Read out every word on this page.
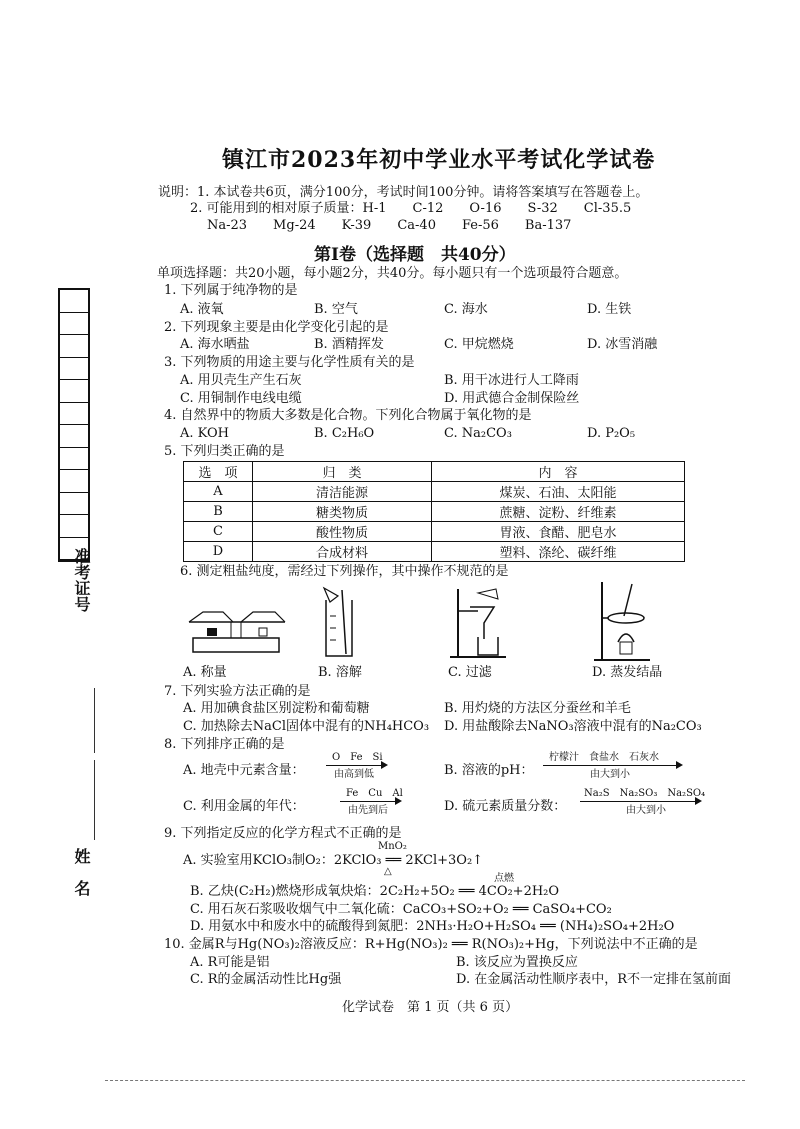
准考证号
姓　名
镇江市2023年初中学业水平考试化学试卷
说明：1. 本试卷共6页，满分100分，考试时间100分钟。请将答案填写在答题卷上。
2. 可能用到的相对原子质量：H-1　　C-12　　O-16　　S-32　　Cl-35.5
Na-23　　Mg-24　　K-39　　Ca-40　　Fe-56　　Ba-137
第Ⅰ卷（选择题　共40分）
单项选择题：共20小题，每小题2分，共40分。每小题只有一个选项最符合题意。
1. 下列属于纯净物的是
A. 液氧	B. 空气	C. 海水	D. 生铁
2. 下列现象主要是由化学变化引起的是
A. 海水晒盐	B. 酒精挥发	C. 甲烷燃烧	D. 冰雪消融
3. 下列物质的用途主要与化学性质有关的是
A. 用贝壳生产生石灰	B. 用干冰进行人工降雨
C. 用铜制作电线电缆	D. 用武德合金制保险丝
4. 自然界中的物质大多数是化合物。下列化合物属于氧化物的是
A. KOH	B. C₂H₆O	C. Na₂CO₃	D. P₂O₅
5. 下列归类正确的是
选　项	归　类	内　容
A	清洁能源	煤炭、石油、太阳能
B	糖类物质	蔗糖、淀粉、纤维素
C	酸性物质	胃液、食醋、肥皂水
D	合成材料	塑料、涤纶、碳纤维
6. 测定粗盐纯度，需经过下列操作，其中操作不规范的是
A. 称量	B. 溶解	C. 过滤	D. 蒸发结晶
7. 下列实验方法正确的是
A. 用加碘食盐区别淀粉和葡萄糖	B. 用灼烧的方法区分蚕丝和羊毛
C. 加热除去NaCl固体中混有的NH₄HCO₃ D. 用盐酸除去NaNO₃溶液中混有的Na₂CO₃
8. 下列排序正确的是
A. 地壳中元素含量：
O　Fe　Si
由高到低	B. 溶液的pH：
柠檬汁　食盐水　石灰水
由大到小
C. 利用金属的年代：
Fe　Cu　Al
由先到后	D. 硫元素质量分数：
Na₂S　Na₂SO₃　Na₂SO₄
由大到小
9. 下列指定反应的化学方程式不正确的是
MnO₂
A. 实验室用KClO₃制O₂：2KClO₃ ══ 2KCl+3O₂↑
△
点燃
B. 乙炔(C₂H₂)燃烧形成氧炔焰：2C₂H₂+5O₂ ══ 4CO₂+2H₂O
C. 用石灰石浆吸收烟气中二氧化硫：CaCO₃+SO₂+O₂ ══ CaSO₄+CO₂
D. 用氨水中和废水中的硫酸得到氮肥：2NH₃·H₂O+H₂SO₄ ══ (NH₄)₂SO₄+2H₂O
10. 金属R与Hg(NO₃)₂溶液反应：R+Hg(NO₃)₂ ══ R(NO₃)₂+Hg，下列说法中不正确的是
A. R可能是铝	B. 该反应为置换反应
C. R的金属活动性比Hg强	D. 在金属活动性顺序表中，R不一定排在氢前面
化学试卷　第 1 页（共 6 页）
